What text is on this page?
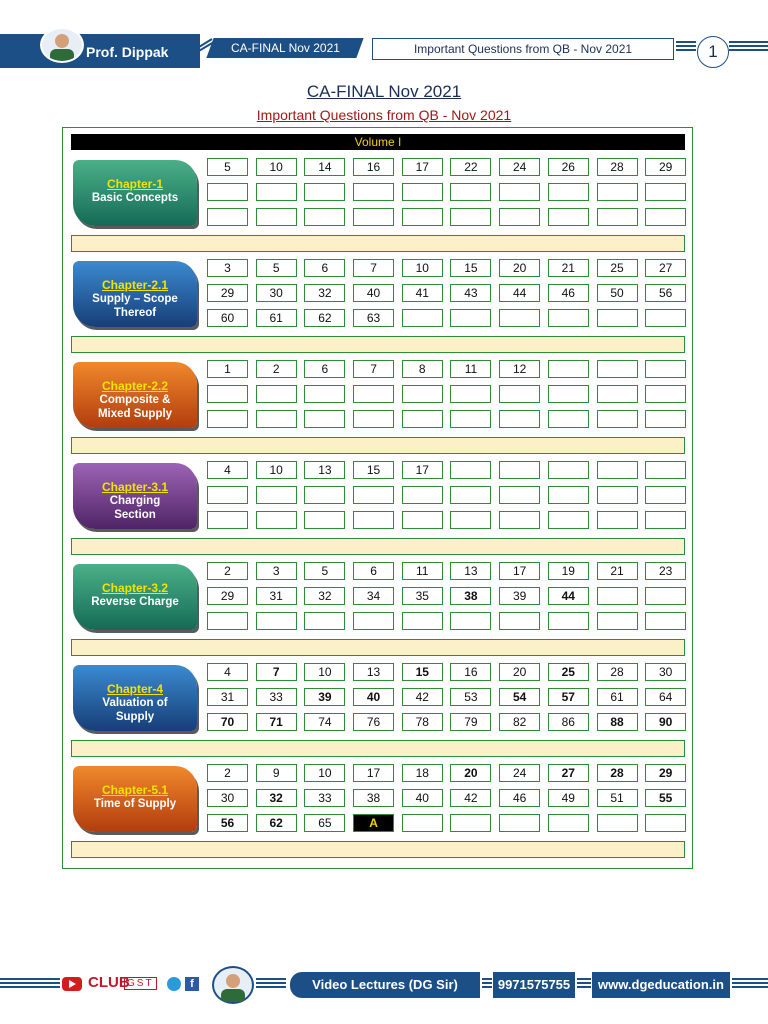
Prof. Dippak	CA-FINAL Nov 2021	Important Questions from QB - Nov 2021	1
CA-FINAL Nov 2021
Important Questions from QB - Nov 2021
Volume I
Chapter-1
Basic Concepts
5	10	14	16	17	22	24	26	28	29
Chapter-2.1
Supply – Scope
Thereof
3	5	6	7	10	15	20	21	25	27
29	30	32	40	41	43	44	46	50	56
60	61	62	63
Chapter-2.2
Composite &
Mixed Supply
1	2	6	7	8	11	12
Chapter-3.1
Charging
Section
4	10	13	15	17
Chapter-3.2
Reverse Charge
2	3	5	6	11	13	17	19	21	23
29	31	32	34	35	38	39	44
Chapter-4
Valuation of
Supply
4	7	10	13	15	16	20	25	28	30
31	33	39	40	42	53	54	57	61	64
70	71	74	76	78	79	82	86	88	90
Chapter-5.1
Time of Supply
2	9	10	17	18	20	24	27	28	29
30	32	33	38	40	42	46	49	51	55
56	62	65	A
CLUB
GST	f	Video Lectures (DG Sir)	9971575755	www.dgeducation.in
